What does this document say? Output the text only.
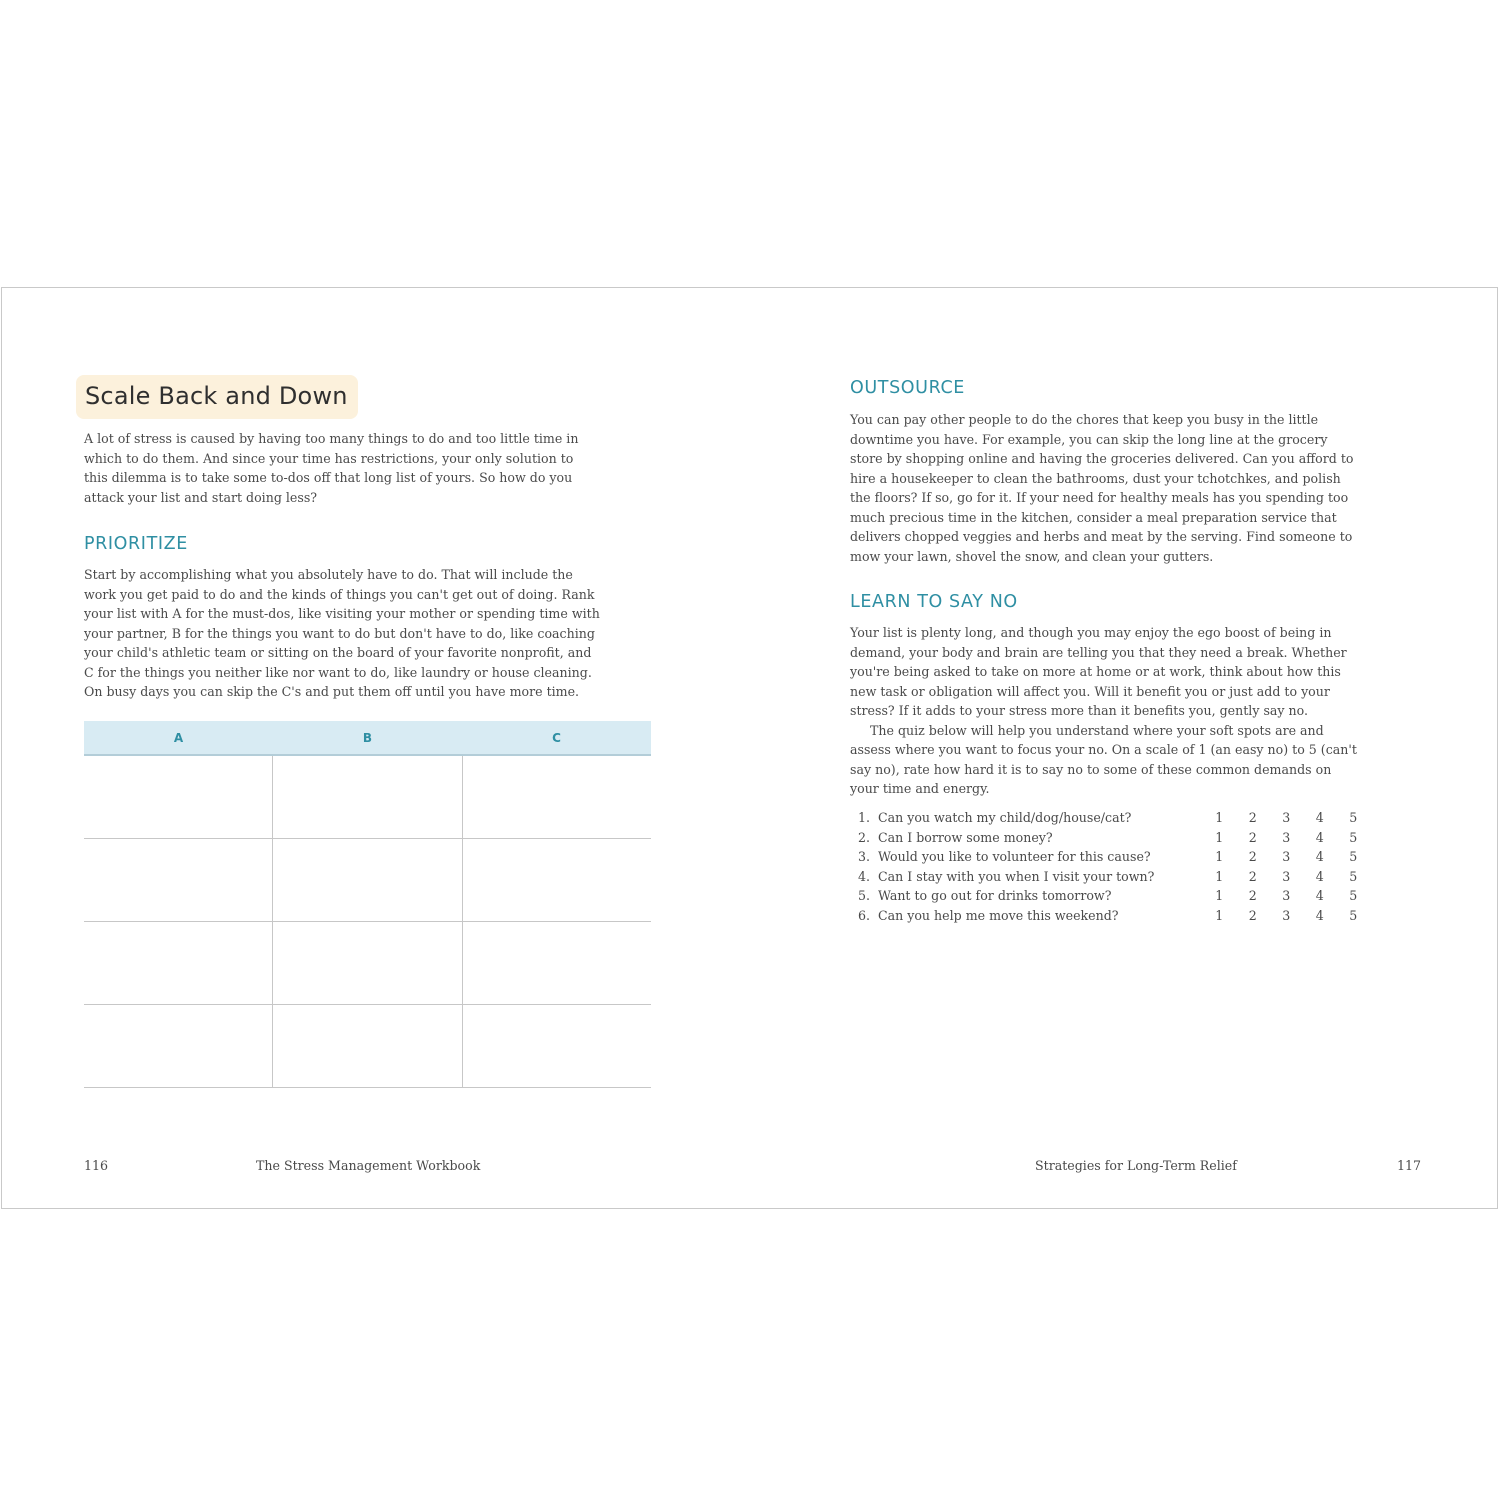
Scale Back and Down

A lot of stress is caused by having too many things to do and too little time in which to do them. And since your time has restrictions, your only solution to this dilemma is to take some to-dos off that long list of yours. So how do you attack your list and start doing less?

PRIORITIZE

Start by accomplishing what you absolutely have to do. That will include the work you get paid to do and the kinds of things you can't get out of doing. Rank your list with A for the must-dos, like visiting your mother or spending time with your partner, B for the things you want to do but don't have to do, like coaching your child's athletic team or sitting on the board of your favorite nonprofit, and C for the things you neither like nor want to do, like laundry or house cleaning. On busy days you can skip the C's and put them off until you have more time.

A	B	C
116	The Stress Management Workbook
OUTSOURCE

You can pay other people to do the chores that keep you busy in the little downtime you have. For example, you can skip the long line at the grocery store by shopping online and having the groceries delivered. Can you afford to hire a housekeeper to clean the bathrooms, dust your tchotchkes, and polish the floors? If so, go for it. If your need for healthy meals has you spending too much precious time in the kitchen, consider a meal preparation service that delivers chopped veggies and herbs and meat by the serving. Find someone to mow your lawn, shovel the snow, and clean your gutters.

LEARN TO SAY NO

Your list is plenty long, and though you may enjoy the ego boost of being in demand, your body and brain are telling you that they need a break. Whether you're being asked to take on more at home or at work, think about how this new task or obligation will affect you. Will it benefit you or just add to your stress? If it adds to your stress more than it benefits you, gently say no.

The quiz below will help you understand where your soft spots are and assess where you want to focus your no. On a scale of 1 (an easy no) to 5 (can't say no), rate how hard it is to say no to some of these common demands on your time and energy.

1. Can you watch my child/dog/house/cat?	1	2	3	4	5
2. Can I borrow some money?	1	2	3	4	5
3. Would you like to volunteer for this cause?	1	2	3	4	5
4. Can I stay with you when I visit your town?	1	2	3	4	5
5. Want to go out for drinks tomorrow?	1	2	3	4	5
6. Can you help me move this weekend?	1	2	3	4	5
Strategies for Long-Term Relief	117
